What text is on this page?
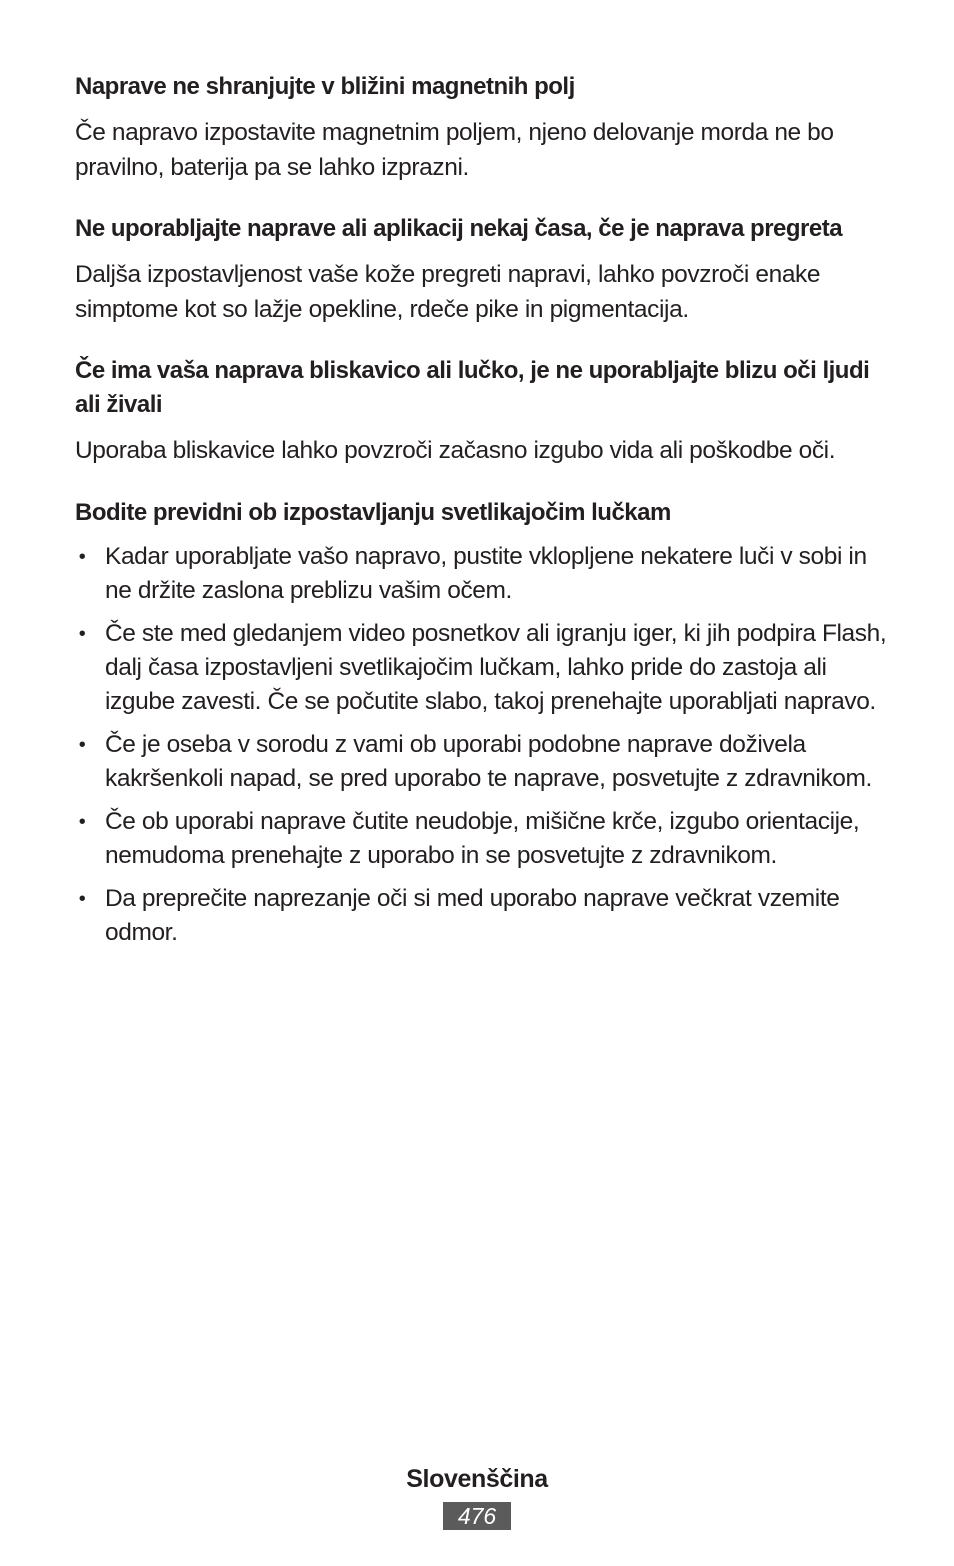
Naprave ne shranjujte v bližini magnetnih polj

Če napravo izpostavite magnetnim poljem, njeno delovanje morda ne bo pravilno, baterija pa se lahko izprazni.

Ne uporabljajte naprave ali aplikacij nekaj časa, če je naprava pregreta

Daljša izpostavljenost vaše kože pregreti napravi, lahko povzroči enake simptome kot so lažje opekline, rdeče pike in pigmentacija.

Če ima vaša naprava bliskavico ali lučko, je ne uporabljajte blizu oči ljudi ali živali

Uporaba bliskavice lahko povzroči začasno izgubo vida ali poškodbe oči.

Bodite previdni ob izpostavljanju svetlikajočim lučkam

• Kadar uporabljate vašo napravo, pustite vklopljene nekatere luči v sobi in ne držite zaslona preblizu vašim očem.
• Če ste med gledanjem video posnetkov ali igranju iger, ki jih podpira Flash, dalj časa izpostavljeni svetlikajočim lučkam, lahko pride do zastoja ali izgube zavesti. Če se počutite slabo, takoj prenehajte uporabljati napravo.
• Če je oseba v sorodu z vami ob uporabi podobne naprave doživela kakršenkoli napad, se pred uporabo te naprave, posvetujte z zdravnikom.
• Če ob uporabi naprave čutite neudobje, mišične krče, izgubo orientacije, nemudoma prenehajte z uporabo in se posvetujte z zdravnikom.
• Da preprečite naprezanje oči si med uporabo naprave večkrat vzemite odmor.
Slovenščina
476
